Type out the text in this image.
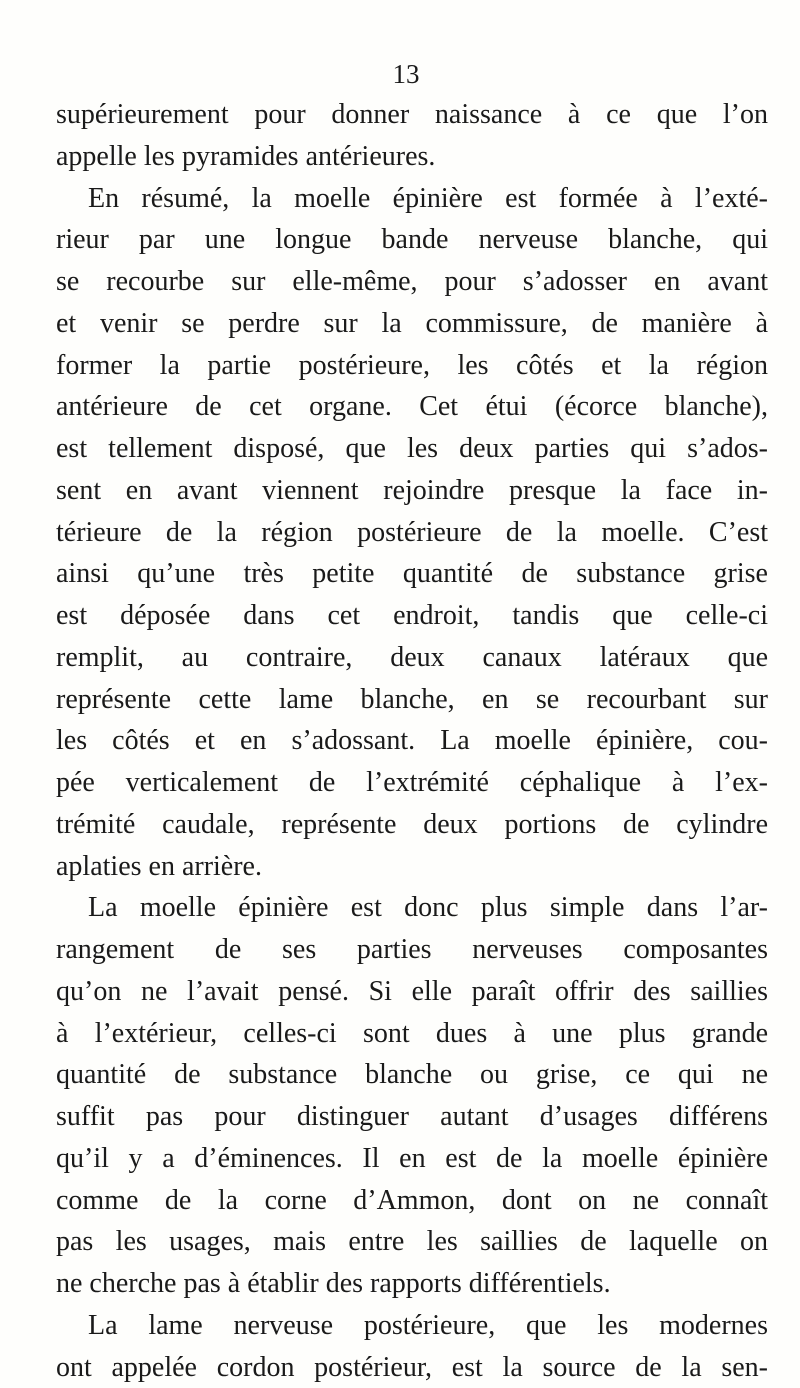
13
supérieurement pour donner naissance à ce que l’on
appelle les pyramides antérieures.
En résumé, la moelle épinière est formée à l’exté-
rieur par une longue bande nerveuse blanche, qui
se recourbe sur elle-même, pour s’adosser en avant
et venir se perdre sur la commissure, de manière à
former la partie postérieure, les côtés et la région
antérieure de cet organe. Cet étui (écorce blanche),
est tellement disposé, que les deux parties qui s’ados-
sent en avant viennent rejoindre presque la face in-
térieure de la région postérieure de la moelle. C’est
ainsi qu’une très petite quantité de substance grise
est déposée dans cet endroit, tandis que celle-ci
remplit, au contraire, deux canaux latéraux que
représente cette lame blanche, en se recourbant sur
les côtés et en s’adossant. La moelle épinière, cou-
pée verticalement de l’extrémité céphalique à l’ex-
trémité caudale, représente deux portions de cylindre
aplaties en arrière.
La moelle épinière est donc plus simple dans l’ar-
rangement de ses parties nerveuses composantes
qu’on ne l’avait pensé. Si elle paraît offrir des saillies
à l’extérieur, celles-ci sont dues à une plus grande
quantité de substance blanche ou grise, ce qui ne
suffit pas pour distinguer autant d’usages différens
qu’il y a d’éminences. Il en est de la moelle épinière
comme de la corne d’Ammon, dont on ne connaît
pas les usages, mais entre les saillies de laquelle on
ne cherche pas à établir des rapports différentiels.
La lame nerveuse postérieure, que les modernes
ont appelée cordon postérieur, est la source de la sen-
